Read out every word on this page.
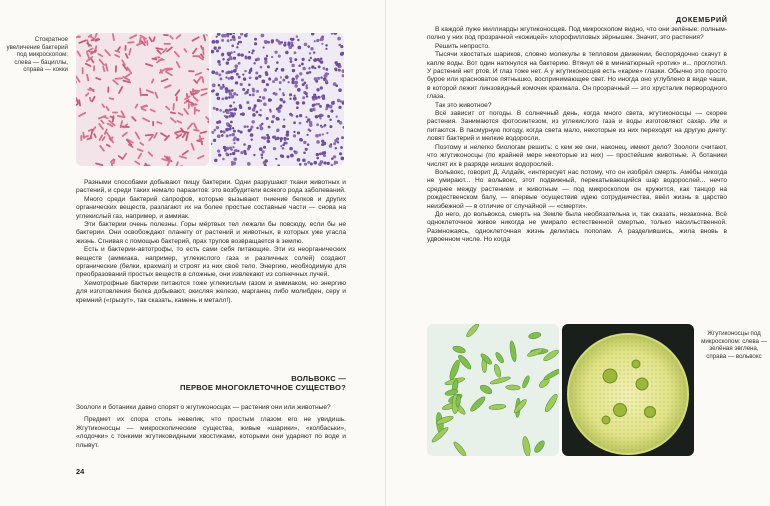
Стократное увеличение бактерий под микроскопом: слева — бациллы, справа — кокки

Разными способами добывают пищу бактерии. Одни разрушают ткани животных и растений, и среди таких немало паразитов: это возбудители всякого рода заболеваний.

Много среди бактерий сапрофов, которые вызывают гниение белков и других органических веществ, разлагают их на более простые составные части — снова на углекислый газ, например, и аммиак.

Эти бактерии очень полезны. Горы мёртвых тел лежали бы повсюду, если бы не бактерии. Они освобождают планету от растений и животных, в которых уже угасла жизнь. Сгнивая с помощью бактерий, прах трупов возвращается в землю.

Есть и бактерии-автотрофы, то есть сами себя питающие. Эти из неорганических веществ (аммиака, например, углекислого газа и различных солей) создают органические (белки, крахмал) и строят из них своё тело. Энергию, необходимую для преобразований простых веществ в сложные, они извлекают из солнечных лучей.

Хемотрофные бактерии питаются тоже углекислым газом и аммиаком, но энергию для изготовления белка добывают, окисляя железо, марганец либо молибден, серу и кремний («грызут», так сказать, камень и металл!).

ВОЛЬВОКС —
ПЕРВОЕ МНОГОКЛЕТОЧНОЕ СУЩЕСТВО?

Зоологи и ботаники давно спорят о жгутиконосцах — растения они или животные?

Предмет их спора столь невелик, что простым глазом его не увидишь. Жгутиконосцы — микроскопические существа, живые «шарики», «колбаськи», «лодочки» с тонкими жгутиковидными хвостиками, которыми они ударяют по воде и плывут.

24
ДОКЕМБРИЙ

В каждой луже миллиарды жгутиконосцев. Под микроскопом видно, что они зелёные: полным-полно у них под прозрачной «кожицей» хлорофилловых зёрнышек. Значит, это растения?

Решить непросто.

Тысячи хвостатых шариков, словно молекулы в тепловом движении, беспорядочно скачут в капле воды. Вот один наткнулся на бактерию. Втянул её в миниатюрный «ротик» и... проглотил. У растений нет ртов. И глаз тоже нет. А у жгутиконосцев есть «карие» глазки. Обычно это просто бурое или красноватое пятнышко, воспринимающее свет. Но иногда оно углублено в виде чаши, в которой лежит линзовидный комочек крахмала. Он прозрачный — это хрусталик первородного глаза.

Так это животное?

Всё зависит от погоды. В солнечный день, когда много света, жгутиконосцы — скорее растения. Занимаются фотосинтезом, из углекислого газа и воды изготовляют сахар. Им и питаются. В пасмурную погоду, когда света мало, некоторые из них переходят на другую диету: ловят бактерий и мелкие водоросли.

Поэтому и нелегко биологам решить: с кем же они, наконец, имеют дело? Зоологи считают, что жгутиконосцы (по крайней мере некоторые из них) — простейшие животные. А ботаники числят их в разряде низших водорослей.

Вольвокс, говорит Д. Алдайк, «интересует нас потому, что он изобрёл смерть. Амёбы никогда не умирают... Но вольвокс, этот подвижный, перекатывающийся шар водорослей... нечто среднее между растением и животным — под микроскопом он кружится, как танцор на рождественском балу, — впервые осуществив идею сотрудничества, ввёл жизнь в царство неизбежной — в отличие от случайной — «смерти».

До него, до вольвокса, смерть на Земле была необязательна и, так сказать, незаконна. Всё одноклеточное живое никогда не умирало естественной смертью, только насильственной. Размножаясь, одноклеточная жизнь делилась пополам. А разделившись, жила вновь в удвоенном числе. Но когда

Жгутиконосцы под микроскопом: слева — зелёная эвглена, справа — вольвокс
